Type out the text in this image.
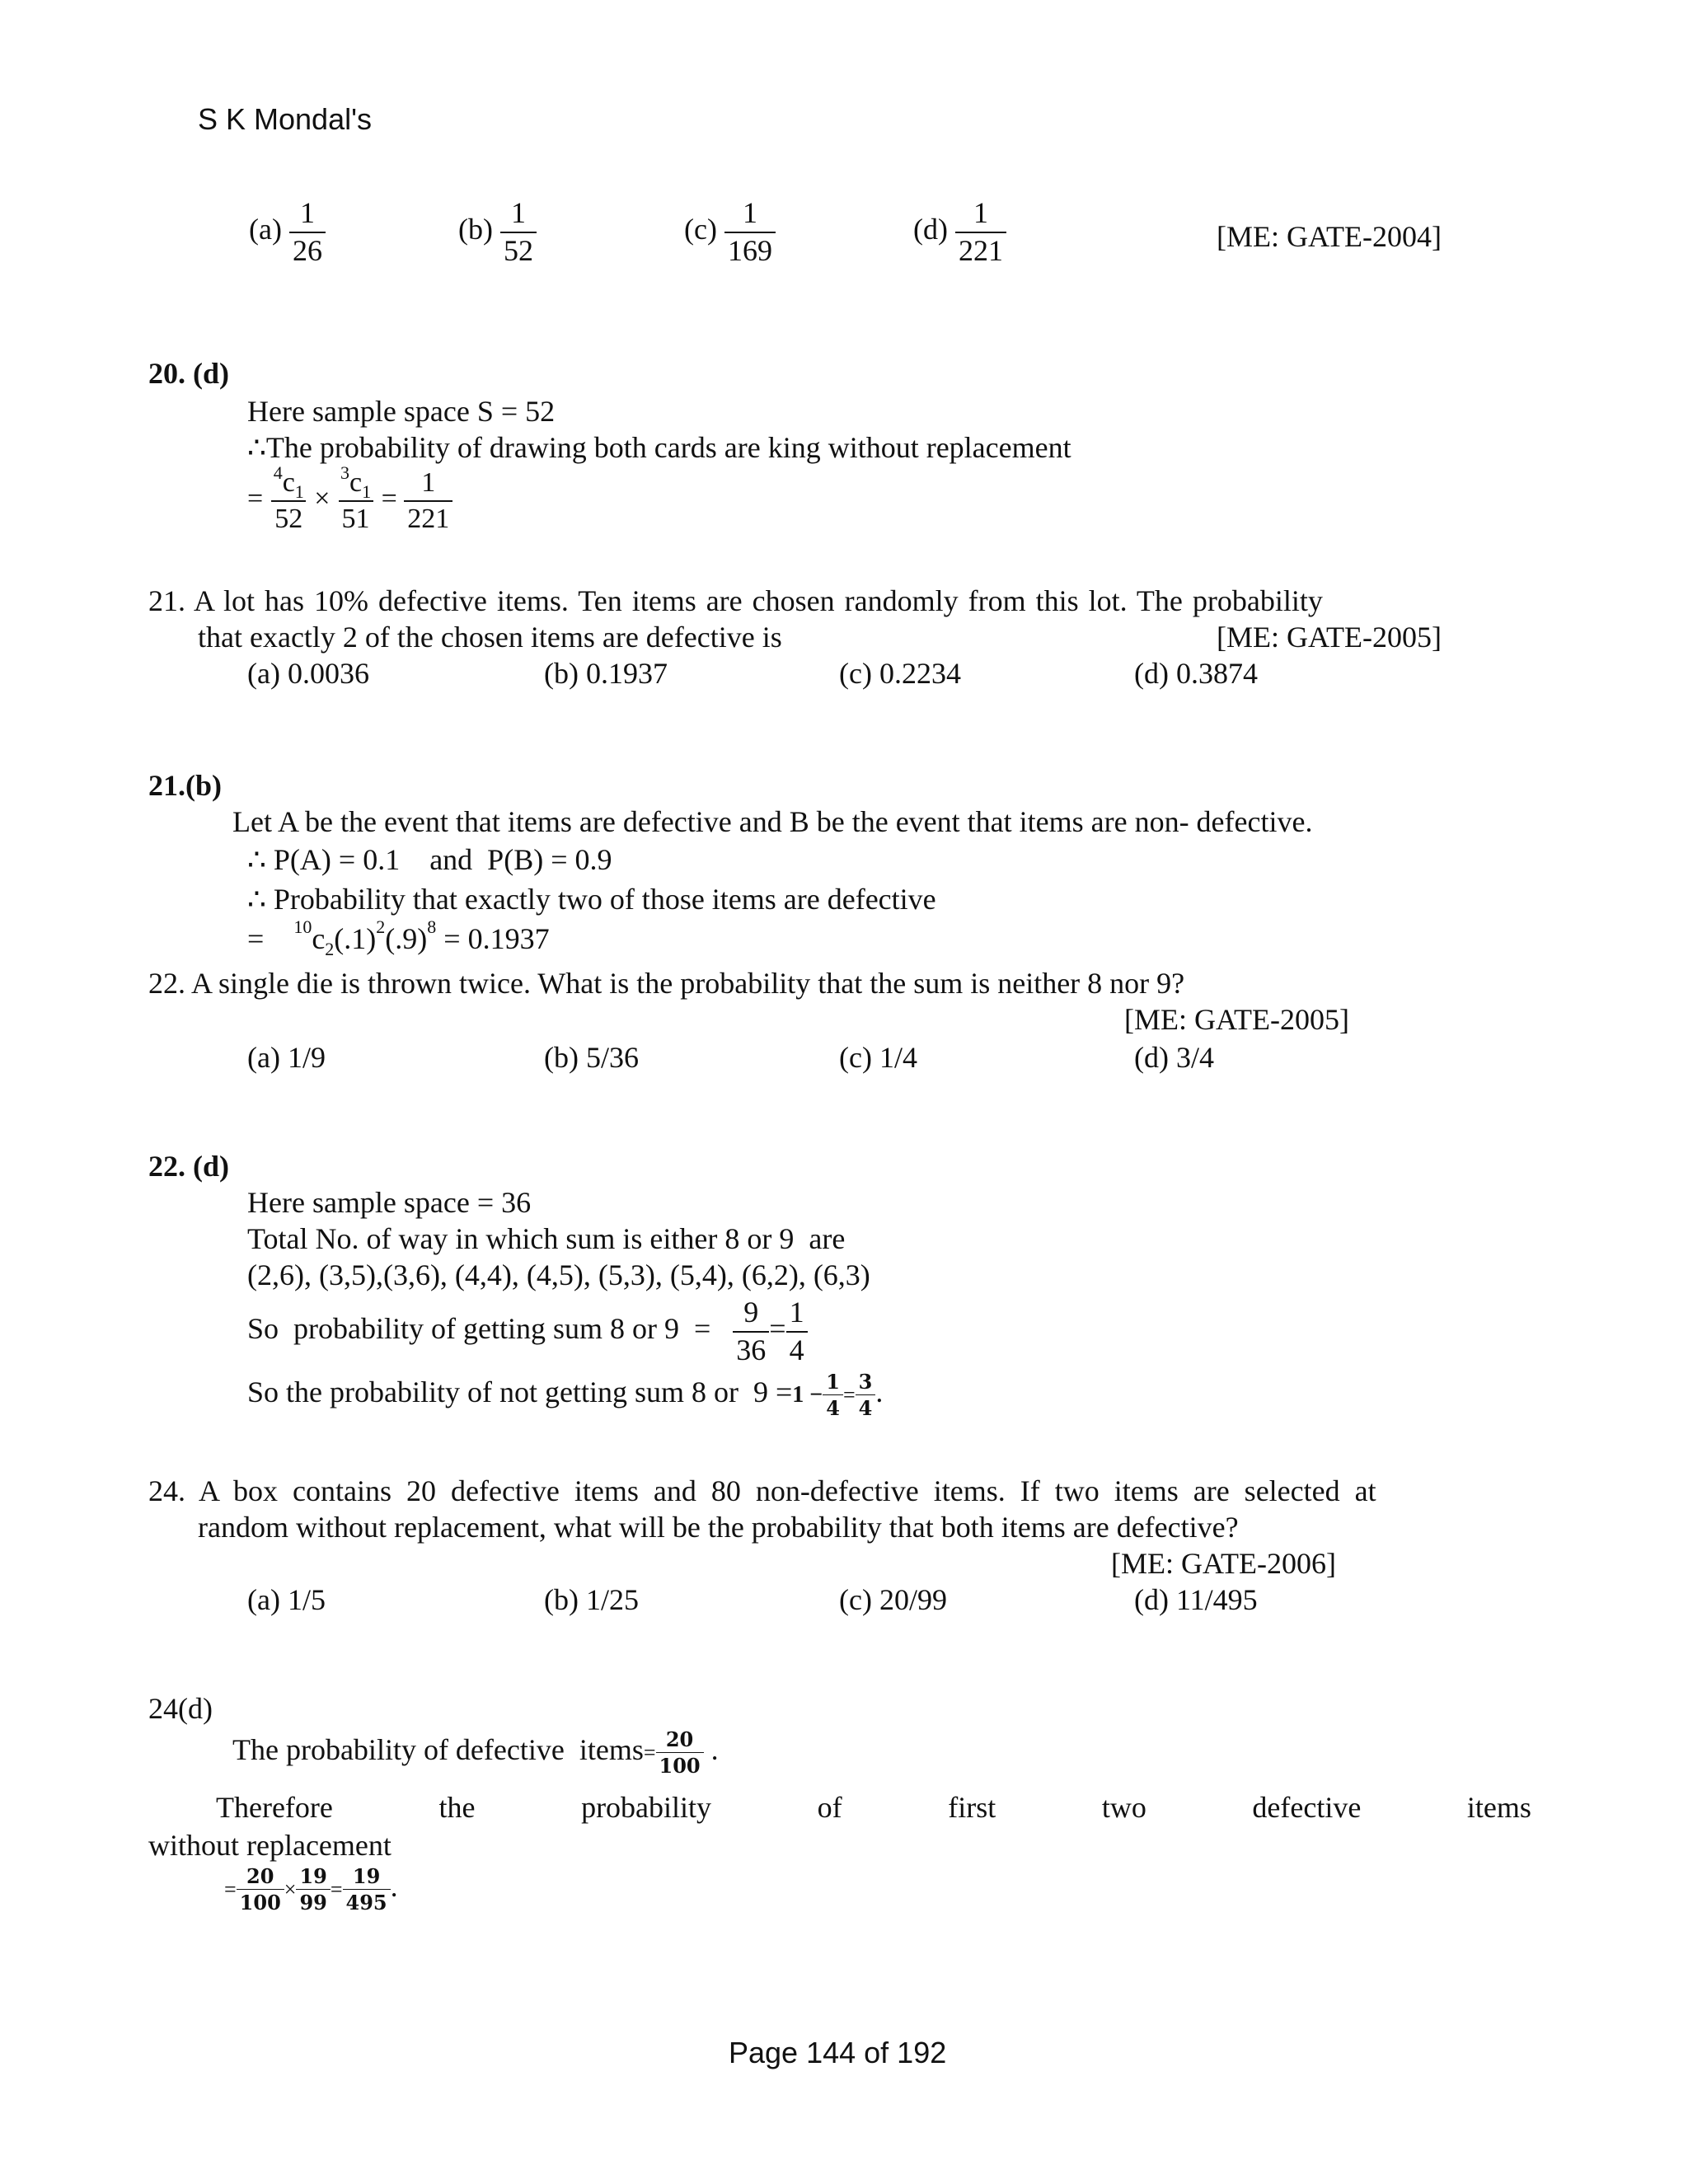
S K Mondal's
$(a) \frac{1}{26}$	$(b) \frac{1}{52}$	$(c) \frac{1}{169}$	$(d) \frac{1}{221}$	[ME: GATE-2004]
20. (d)
Here sample space S = 52
∴The probability of drawing both cards are king without replacement
= $\frac{^4c_1}{52} \times \frac{^3c_1}{51} = \frac{1}{221}$
21. A lot has 10% defective items. Ten items are chosen randomly from this lot. The probability
that exactly 2 of the chosen items are defective is	[ME: GATE-2005]
(a) 0.0036	(b) 0.1937	(c) 0.2234	(d) 0.3874
21.(b)
Let A be the event that items are defective and B be the event that items are non- defective.
∴ P(A) = 0.1    and  P(B) = 0.9
∴ Probability that exactly two of those items are defective
= $^{10}c_2(.1)^2(.9)^8 = 0.1937$
22. A single die is thrown twice. What is the probability that the sum is neither 8 nor 9?
[ME: GATE-2005]
(a) 1/9	(b) 5/36	(c) 1/4	(d) 3/4
22. (d)
Here sample space = 36
Total No. of way in which sum is either 8 or 9  are
(2,6), (3,5),(3,6), (4,4), (4,5), (5,3), (5,4), (6,2), (6,3)
So  probability of getting sum 8 or $9 = \frac{9}{36} = \frac{1}{4}$
So the probability of not getting sum 8 or  $9 =1 - \frac{1}{4} = \frac{3}{4}$ .
24. A box contains 20 defective items and 80 non-defective items. If two items are selected at
random without replacement, what will be the probability that both items are defective?
[ME: GATE-2006]
(a) 1/5	(b) 1/25	(c) 20/99	(d) 11/495
24(d)
The probability of defective  items= $\frac{20}{100}$ .
Therefore	the	probability	of	first	two	defective	items
without replacement
= $\frac{20}{100} \times \frac{19}{99} = \frac{19}{495}$ .
Page 144 of 192
